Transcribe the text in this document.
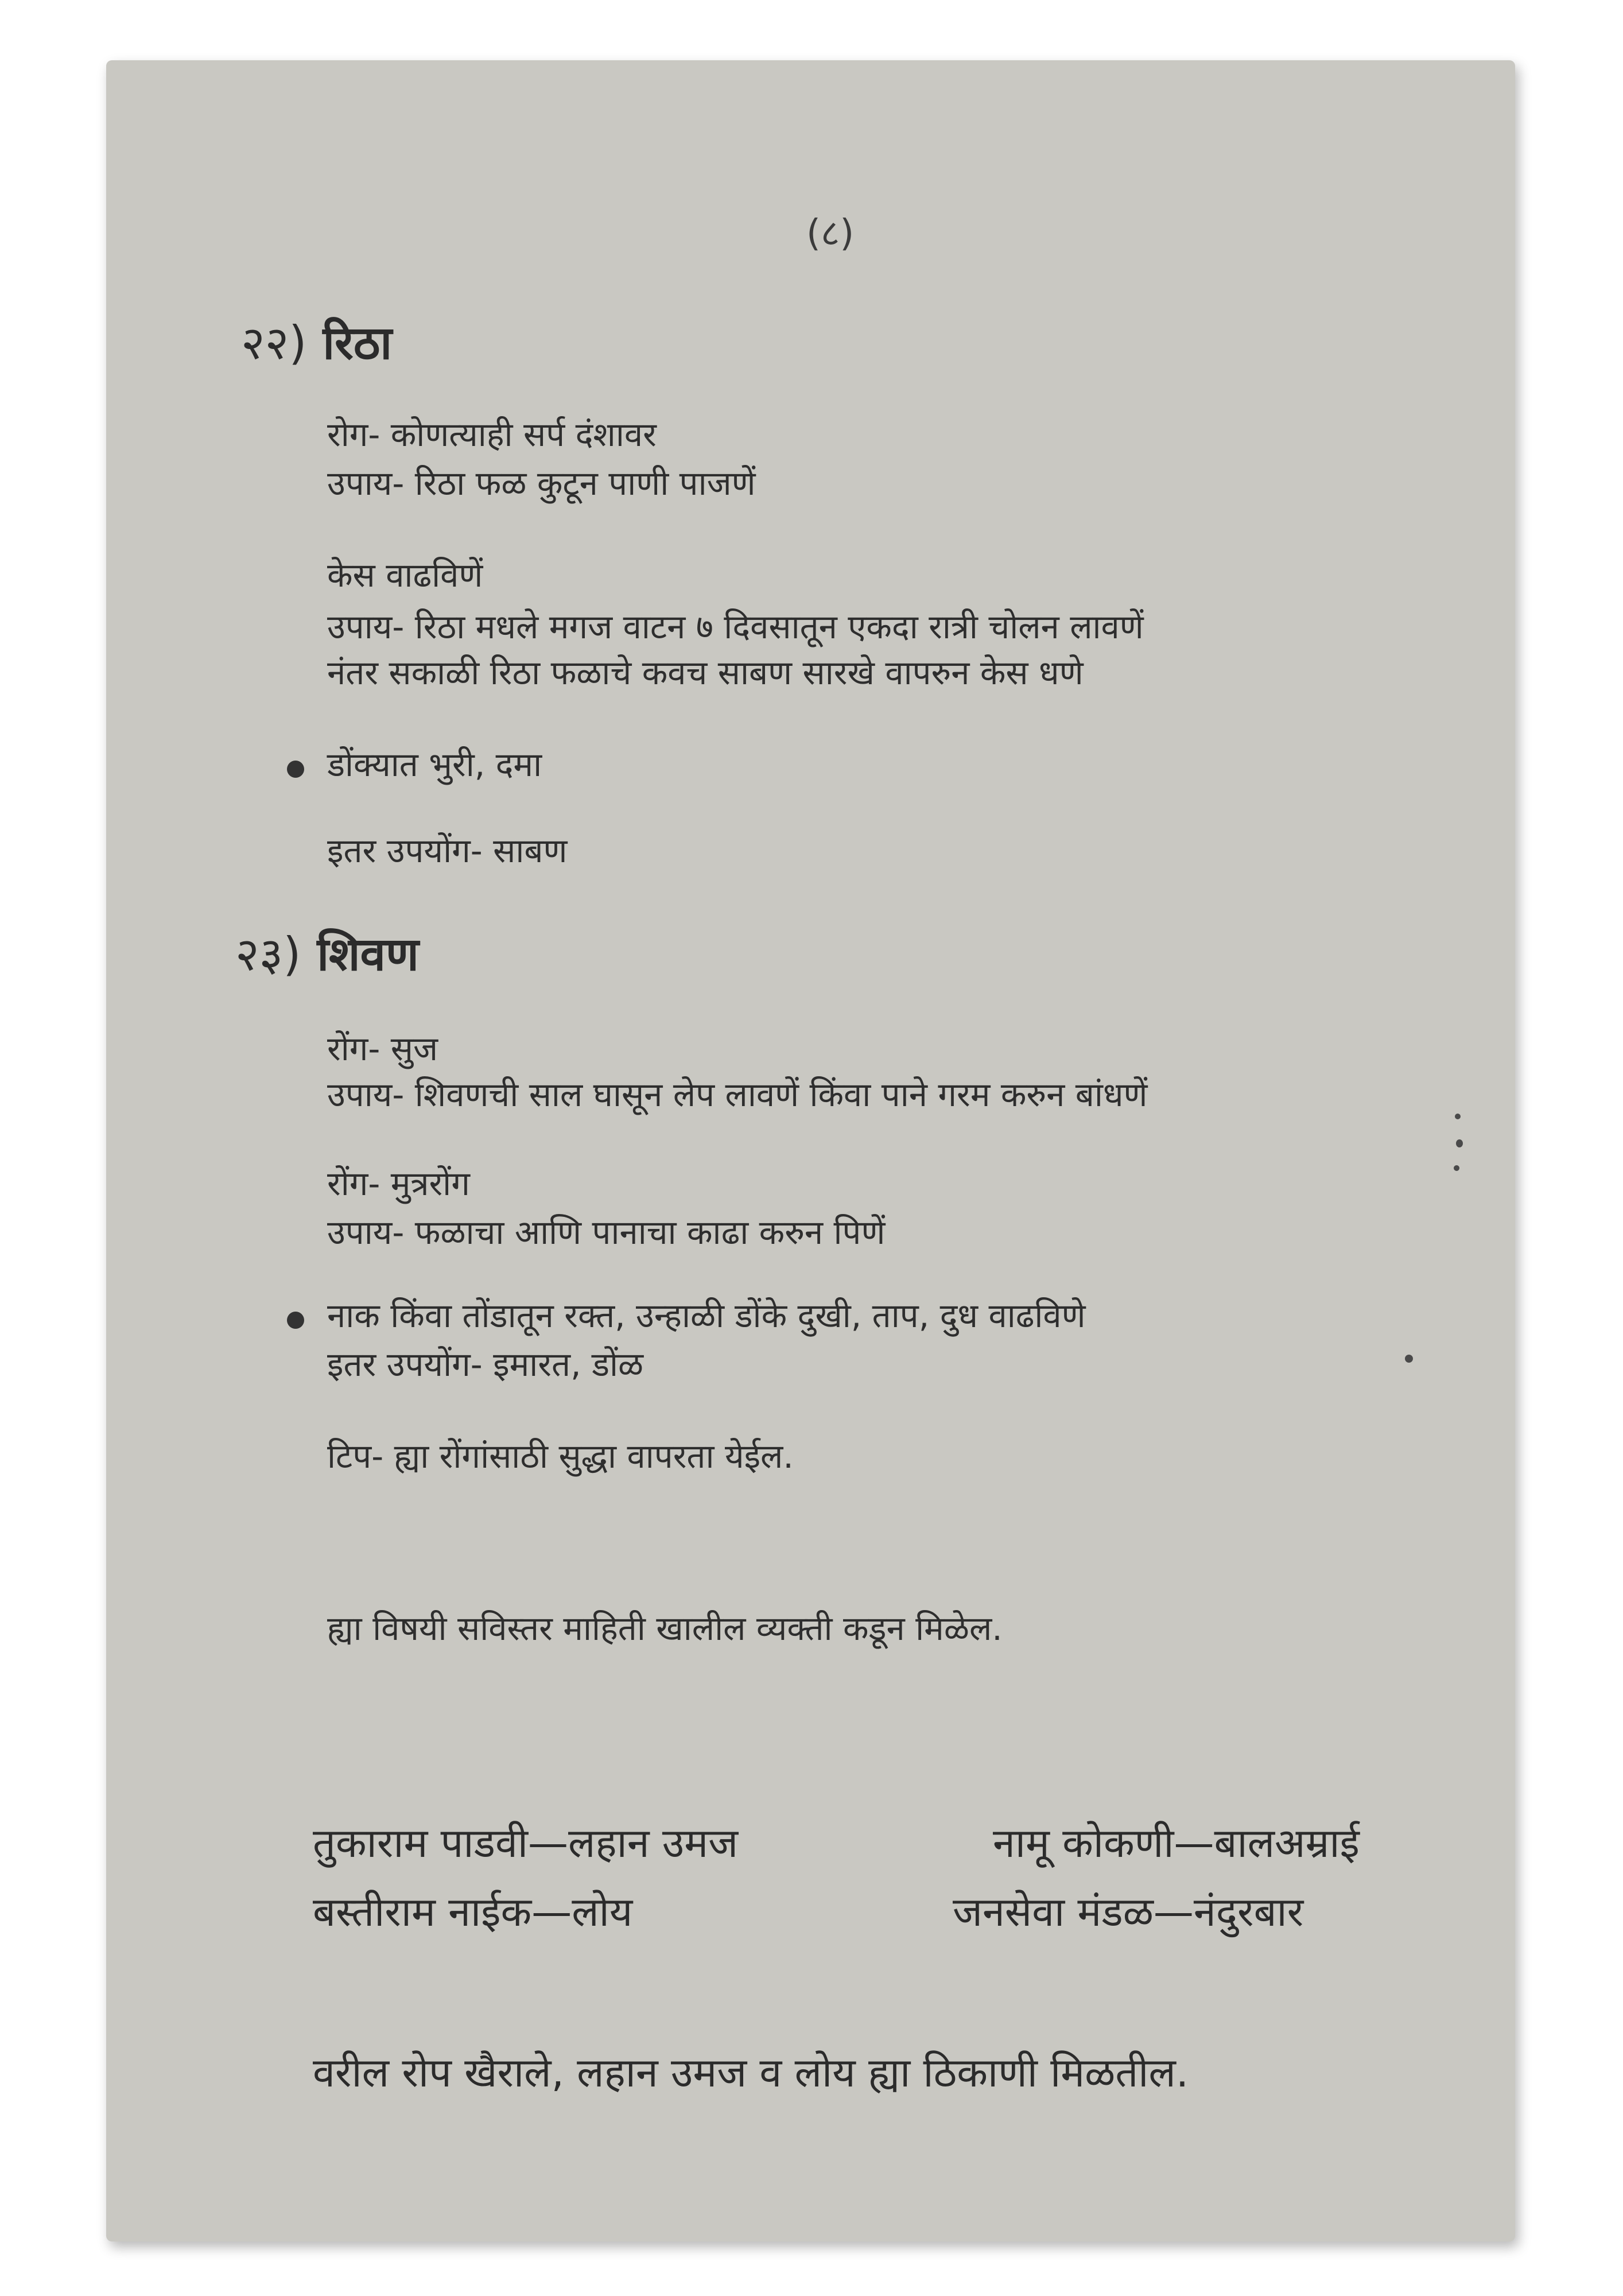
(८)
२२) रिठा
रोग- कोणत्याही सर्प दंशावर
उपाय- रिठा फळ कुटून पाणी पाजणें
केस वाढविणें
उपाय- रिठा मधले मगज वाटन ७ दिवसातून एकदा रात्री चोलन लावणें
नंतर सकाळी रिठा फळाचे कवच साबण सारखे वापरुन केस धणे
डोंक्यात भुरी, दमा
इतर उपयोंग- साबण
२३) शिवण
रोंग- सुज
उपाय- शिवणची साल घासून लेप लावणें किंवा पाने गरम करुन बांधणें
रोंग- मुत्ररोंग
उपाय- फळाचा आणि पानाचा काढा करुन पिणें
नाक किंवा तोंडातून रक्त, उन्हाळी डोंके दुखी, ताप, दुध वाढविणे
इतर उपयोंग- इमारत, डोंळ
टिप- ह्या रोंगांसाठी सुद्धा वापरता येईल.
ह्या विषयी सविस्तर माहिती खालील व्यक्ती कडून मिळेल.
तुकाराम पाडवी—लहान उमज
बस्तीराम नाईक—लोय
नामू कोकणी—बालअम्राई
जनसेवा मंडळ—नंदुरबार
वरील रोप खैराले, लहान उमज व लोय ह्या ठिकाणी मिळतील.
